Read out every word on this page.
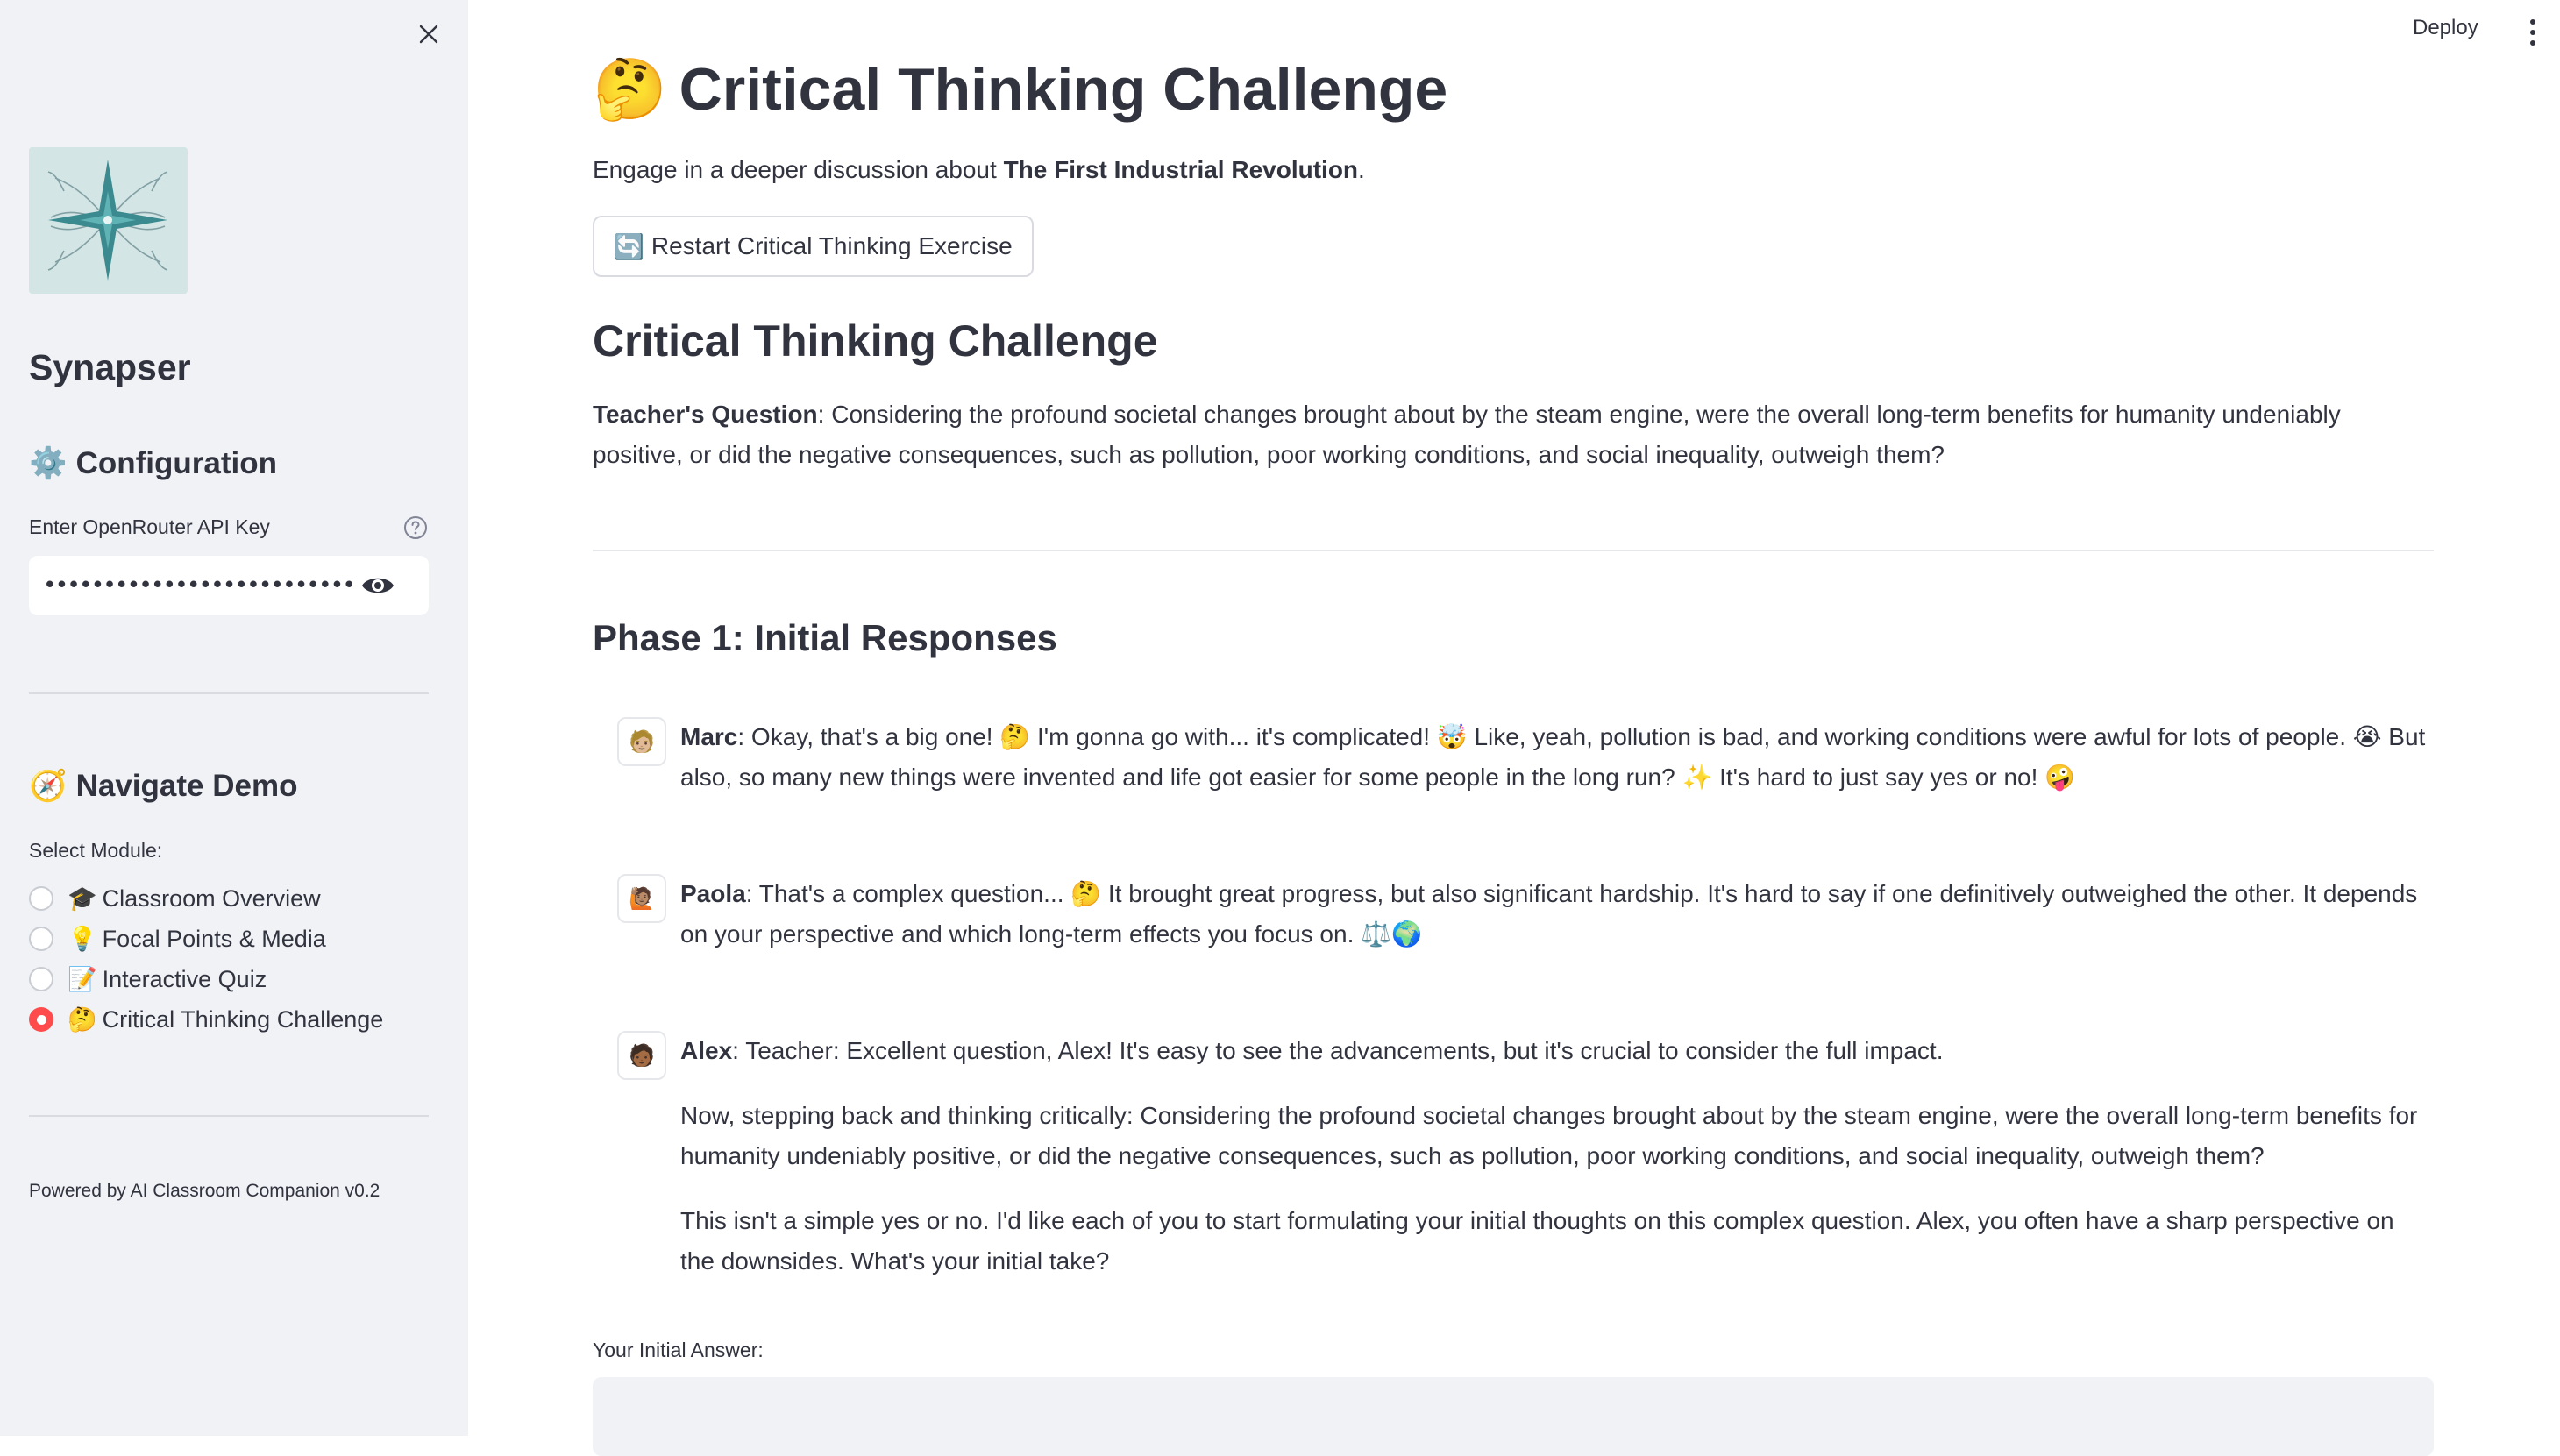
Synapser
⚙️ Configuration
Enter OpenRouter API Key
••••••••••••••••••••••••••••••••••••••
🧭 Navigate Demo
Select Module:
🎓 Classroom Overview
💡 Focal Points & Media
📝 Interactive Quiz
🤔 Critical Thinking Challenge
Powered by AI Classroom Companion v0.2
Deploy
🤔 Critical Thinking Challenge
Engage in a deeper discussion about The First Industrial Revolution.
🔄 Restart Critical Thinking Exercise
Critical Thinking Challenge
Teacher's Question: Considering the profound societal changes brought about by the steam engine, were the overall long-term benefits for humanity undeniably positive, or did the negative consequences, such as pollution, poor working conditions, and social inequality, outweigh them?
Phase 1: Initial Responses
🧑🏼	Marc: Okay, that's a big one! 🤔 I'm gonna go with... it's complicated! 🤯 Like, yeah, pollution is bad, and working conditions were awful for lots of people. 😭 But also, so many new things were invented and life got easier for some people in the long run? ✨ It's hard to just say yes or no! 🤪
🙋🏽	Paola: That's a complex question... 🤔 It brought great progress, but also significant hardship. It's hard to say if one definitively outweighed the other. It depends on your perspective and which long-term effects you focus on. ⚖️🌍
🧑🏾	Alex: Teacher: Excellent question, Alex! It's easy to see the advancements, but it's crucial to consider the full impact.

Now, stepping back and thinking critically: Considering the profound societal changes brought about by the steam engine, were the overall long-term benefits for humanity undeniably positive, or did the negative consequences, such as pollution, poor working conditions, and social inequality, outweigh them?

This isn't a simple yes or no. I'd like each of you to start formulating your initial thoughts on this complex question. Alex, you often have a sharp perspective on the downsides. What's your initial take?

Your Initial Answer:
